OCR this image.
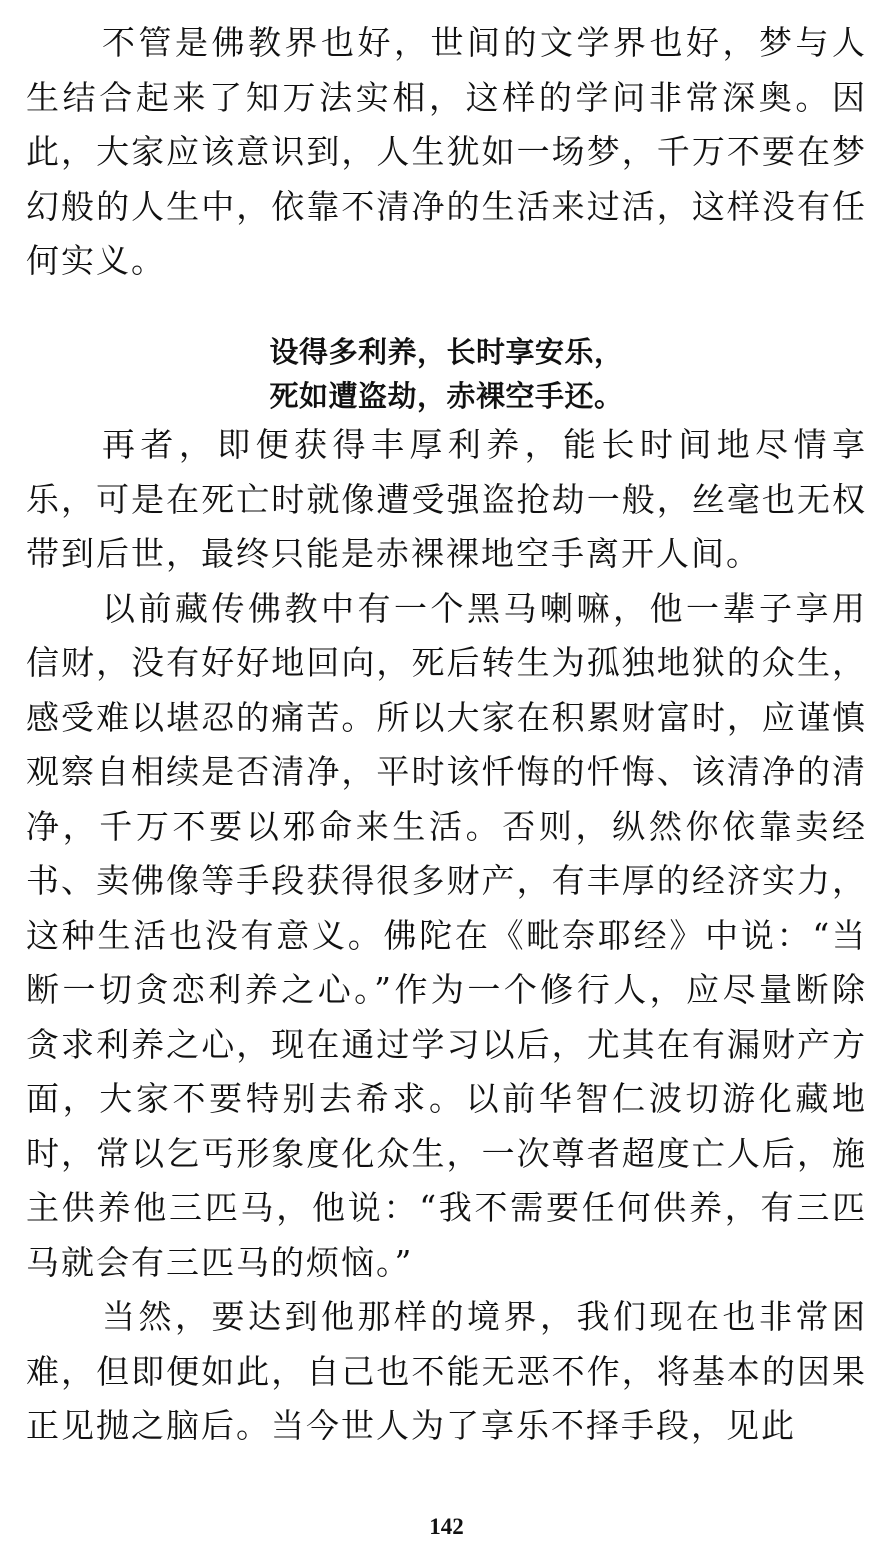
不管是佛教界也好，世间的文学界也好，梦与人生结合起来了知万法实相，这样的学问非常深奥。因此，大家应该意识到，人生犹如一场梦，千万不要在梦幻般的人生中，依靠不清净的生活来过活，这样没有任何实义。

设得多利养，长时享安乐，
死如遭盗劫，赤裸空手还。

再者，即便获得丰厚利养，能长时间地尽情享乐，可是在死亡时就像遭受强盗抢劫一般，丝毫也无权带到后世，最终只能是赤裸裸地空手离开人间。

以前藏传佛教中有一个黑马喇嘛，他一辈子享用信财，没有好好地回向，死后转生为孤独地狱的众生，感受难以堪忍的痛苦。所以大家在积累财富时，应谨慎观察自相续是否清净，平时该忏悔的忏悔、该清净的清净，千万不要以邪命来生活。否则，纵然你依靠卖经书、卖佛像等手段获得很多财产，有丰厚的经济实力，这种生活也没有意义。佛陀在《毗奈耶经》中说：“当断一切贪恋利养之心。”作为一个修行人，应尽量断除贪求利养之心，现在通过学习以后，尤其在有漏财产方面，大家不要特别去希求。以前华智仁波切游化藏地时，常以乞丐形象度化众生，一次尊者超度亡人后，施主供养他三匹马，他说：“我不需要任何供养，有三匹马就会有三匹马的烦恼。”

当然，要达到他那样的境界，我们现在也非常困难，但即便如此，自己也不能无恶不作，将基本的因果正见抛之脑后。当今世人为了享乐不择手段，见此

142
